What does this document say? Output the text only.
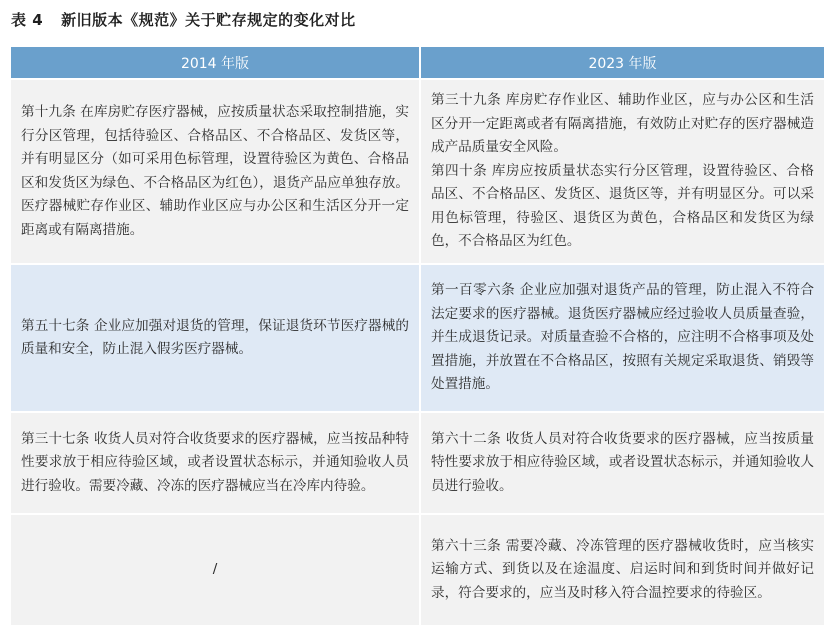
表 4 新旧版本《规范》关于贮存规定的变化对比
2014 年版	2023 年版

第十九条 在库房贮存医疗器械，应按质量状态采取控制措施，实行分区管理，包括待验区、合格品区、不合格品区、发货区等，并有明显区分（如可采用色标管理，设置待验区为黄色、合格品区和发货区为绿色、不合格品区为红色），退货产品应单独存放。医疗器械贮存作业区、辅助作业区应与办公区和生活区分开一定距离或有隔离措施。	第三十九条 库房贮存作业区、辅助作业区，应与办公区和生活区分开一定距离或者有隔离措施，有效防止对贮存的医疗器械造成产品质量安全风险。
第四十条 库房应按质量状态实行分区管理，设置待验区、合格品区、不合格品区、发货区、退货区等，并有明显区分。可以采用色标管理，待验区、退货区为黄色，合格品区和发货区为绿色，不合格品区为红色。

第五十七条 企业应加强对退货的管理，保证退货环节医疗器械的质量和安全，防止混入假劣医疗器械。	第一百零六条 企业应加强对退货产品的管理，防止混入不符合法定要求的医疗器械。退货医疗器械应经过验收人员质量查验，并生成退货记录。对质量查验不合格的，应注明不合格事项及处置措施，并放置在不合格品区，按照有关规定采取退货、销毁等处置措施。

第三十七条 收货人员对符合收货要求的医疗器械，应当按品种特性要求放于相应待验区域，或者设置状态标示，并通知验收人员进行验收。需要冷藏、冷冻的医疗器械应当在冷库内待验。	第六十二条 收货人员对符合收货要求的医疗器械，应当按质量特性要求放于相应待验区域，或者设置状态标示，并通知验收人员进行验收。

/	第六十三条 需要冷藏、冷冻管理的医疗器械收货时，应当核实运输方式、到货以及在途温度、启运时间和到货时间并做好记录，符合要求的，应当及时移入符合温控要求的待验区。
